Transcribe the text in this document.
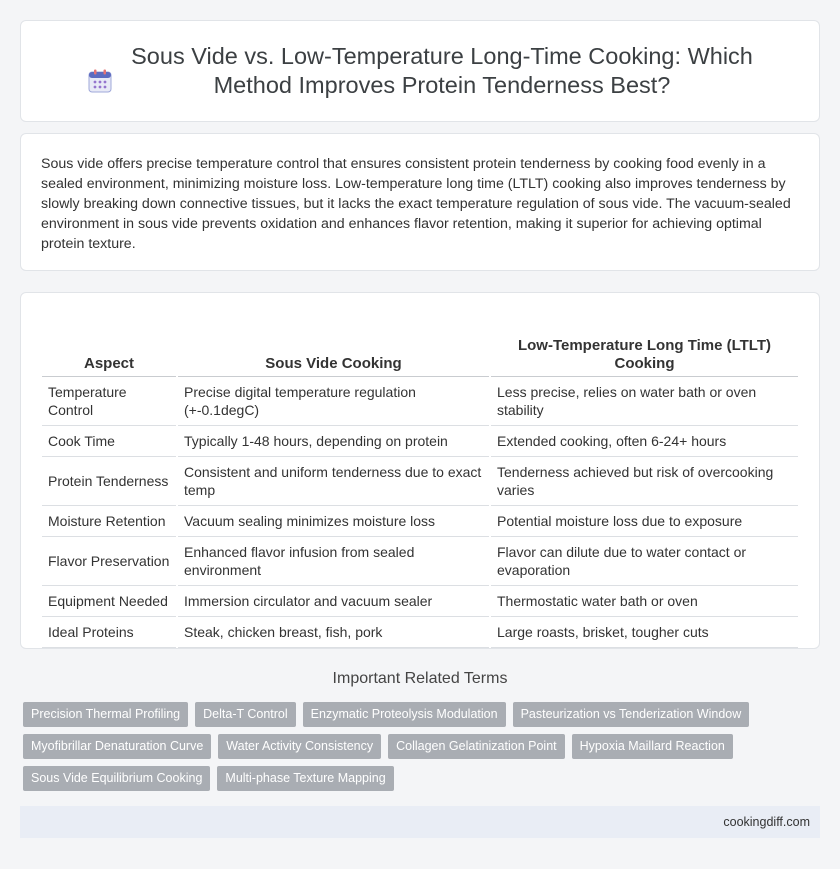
Sous Vide vs. Low-Temperature Long-Time Cooking: Which
Method Improves Protein Tenderness Best?

Sous vide offers precise temperature control that ensures consistent protein tenderness by cooking food evenly in a sealed environment, minimizing moisture loss. Low-temperature long time (LTLT) cooking also improves tenderness by slowly breaking down connective tissues, but it lacks the exact temperature regulation of sous vide. The vacuum-sealed environment in sous vide prevents oxidation and enhances flavor retention, making it superior for achieving optimal protein texture.

Aspect	Sous Vide Cooking	Low-Temperature Long Time (LTLT) Cooking
Temperature Control	Precise digital temperature regulation (+-0.1degC)	Less precise, relies on water bath or oven stability
Cook Time	Typically 1-48 hours, depending on protein	Extended cooking, often 6-24+ hours
Protein Tenderness	Consistent and uniform tenderness due to exact temp	Tenderness achieved but risk of overcooking varies
Moisture Retention	Vacuum sealing minimizes moisture loss	Potential moisture loss due to exposure
Flavor Preservation	Enhanced flavor infusion from sealed environment	Flavor can dilute due to water contact or evaporation
Equipment Needed	Immersion circulator and vacuum sealer	Thermostatic water bath or oven
Ideal Proteins	Steak, chicken breast, fish, pork	Large roasts, brisket, tougher cuts
Important Related Terms
Precision Thermal Profiling	Delta-T Control	Enzymatic Proteolysis Modulation	Pasteurization vs Tenderization Window
Myofibrillar Denaturation Curve	Water Activity Consistency	Collagen Gelatinization Point	Hypoxia Maillard Reaction
Sous Vide Equilibrium Cooking	Multi-phase Texture Mapping
cookingdiff.com
